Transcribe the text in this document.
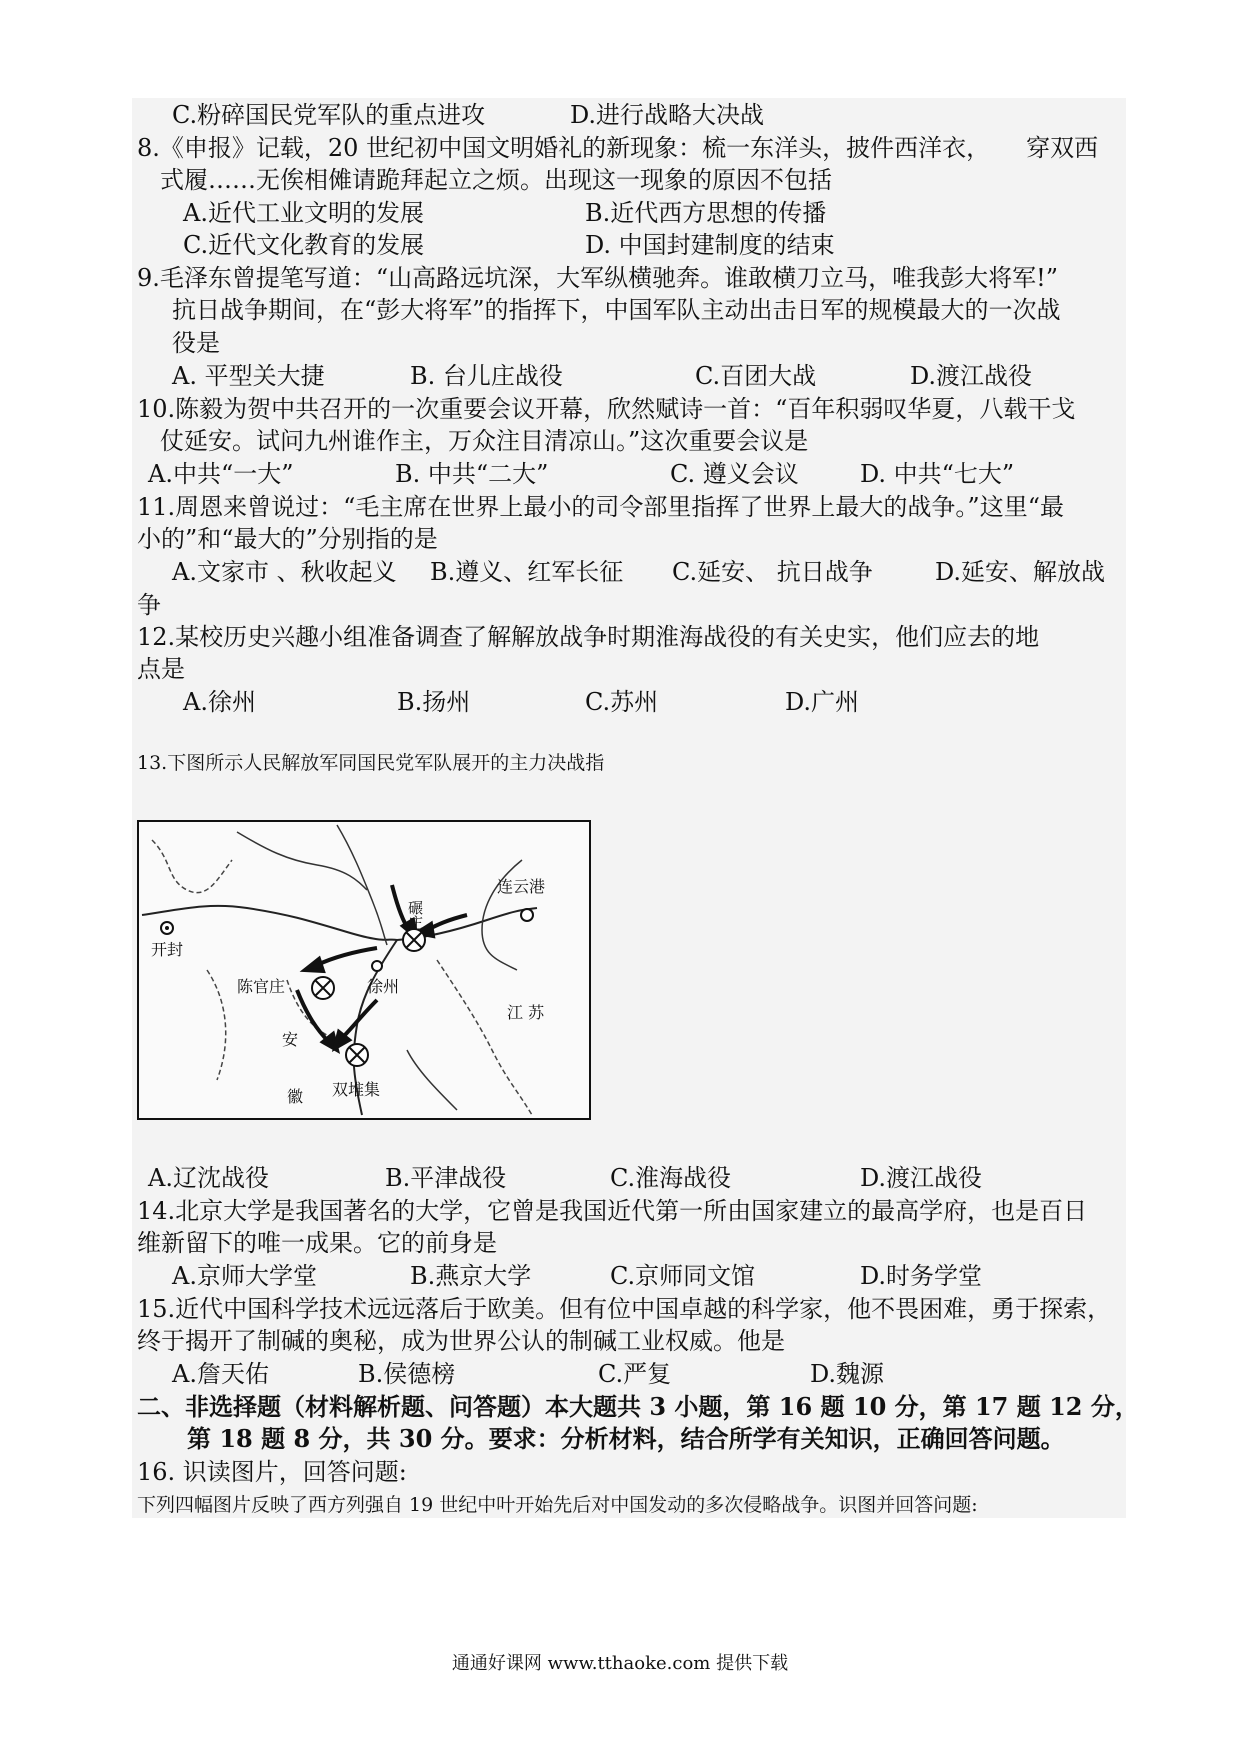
C.粉碎国民党军队的重点进攻	D.进行战略大决战
8.《申报》记载，20 世纪初中国文明婚礼的新现象：梳一东洋头，披件西洋衣，　　穿双西
式履……无俟相傩请跪拜起立之烦。出现这一现象的原因不包括
A.近代工业文明的发展	B.近代西方思想的传播
C.近代文化教育的发展	D. 中国封建制度的结束
9.毛泽东曾提笔写道：“山高路远坑深，大军纵横驰奔。谁敢横刀立马，唯我彭大将军!”
抗日战争期间，在“彭大将军”的指挥下，中国军队主动出击日军的规模最大的一次战
役是
A. 平型关大捷	B. 台儿庄战役	C.百团大战	D.渡江战役
10.陈毅为贺中共召开的一次重要会议开幕，欣然赋诗一首：“百年积弱叹华夏，八载干戈
仗延安。试问九州谁作主，万众注目清凉山。”这次重要会议是
A.中共“一大”	B. 中共“二大”	C. 遵义会议	D. 中共“七大”
11.周恩来曾说过：“毛主席在世界上最小的司令部里指挥了世界上最大的战争。”这里“最
小的”和“最大的”分别指的是
A.文家市 、秋收起义 B.遵义、红军长征 C.延安、 抗日战争	D.延安、解放战
争
12.某校历史兴趣小组准备调查了解解放战争时期淮海战役的有关史实，他们应去的地
点是
A.徐州	B.扬州	C.苏州	D.广州
13.下图所示人民解放军同国民党军队展开的主力决战指
开封
连云港
徐州
陈官庄
江 苏
安
徽 双堆集
碾庄
A.辽沈战役	B.平津战役	C.淮海战役	D.渡江战役
14.北京大学是我国著名的大学，它曾是我国近代第一所由国家建立的最高学府，也是百日
维新留下的唯一成果。它的前身是
A.京师大学堂	B.燕京大学	C.京师同文馆	D.时务学堂
15.近代中国科学技术远远落后于欧美。但有位中国卓越的科学家，他不畏困难，勇于探索，
终于揭开了制碱的奥秘，成为世界公认的制碱工业权威。他是
A.詹天佑	B.侯德榜	C.严复	D.魏源
二、非选择题（材料解析题、问答题）本大题共 3 小题，第 16 题 10 分，第 17 题 12 分，
第 18 题 8 分，共 30 分。要求：分析材料，结合所学有关知识，正确回答问题。
16. 识读图片，回答问题:
下列四幅图片反映了西方列强自 19 世纪中叶开始先后对中国发动的多次侵略战争。识图并回答问题:
通通好课网 www.tthaoke.com 提供下载
